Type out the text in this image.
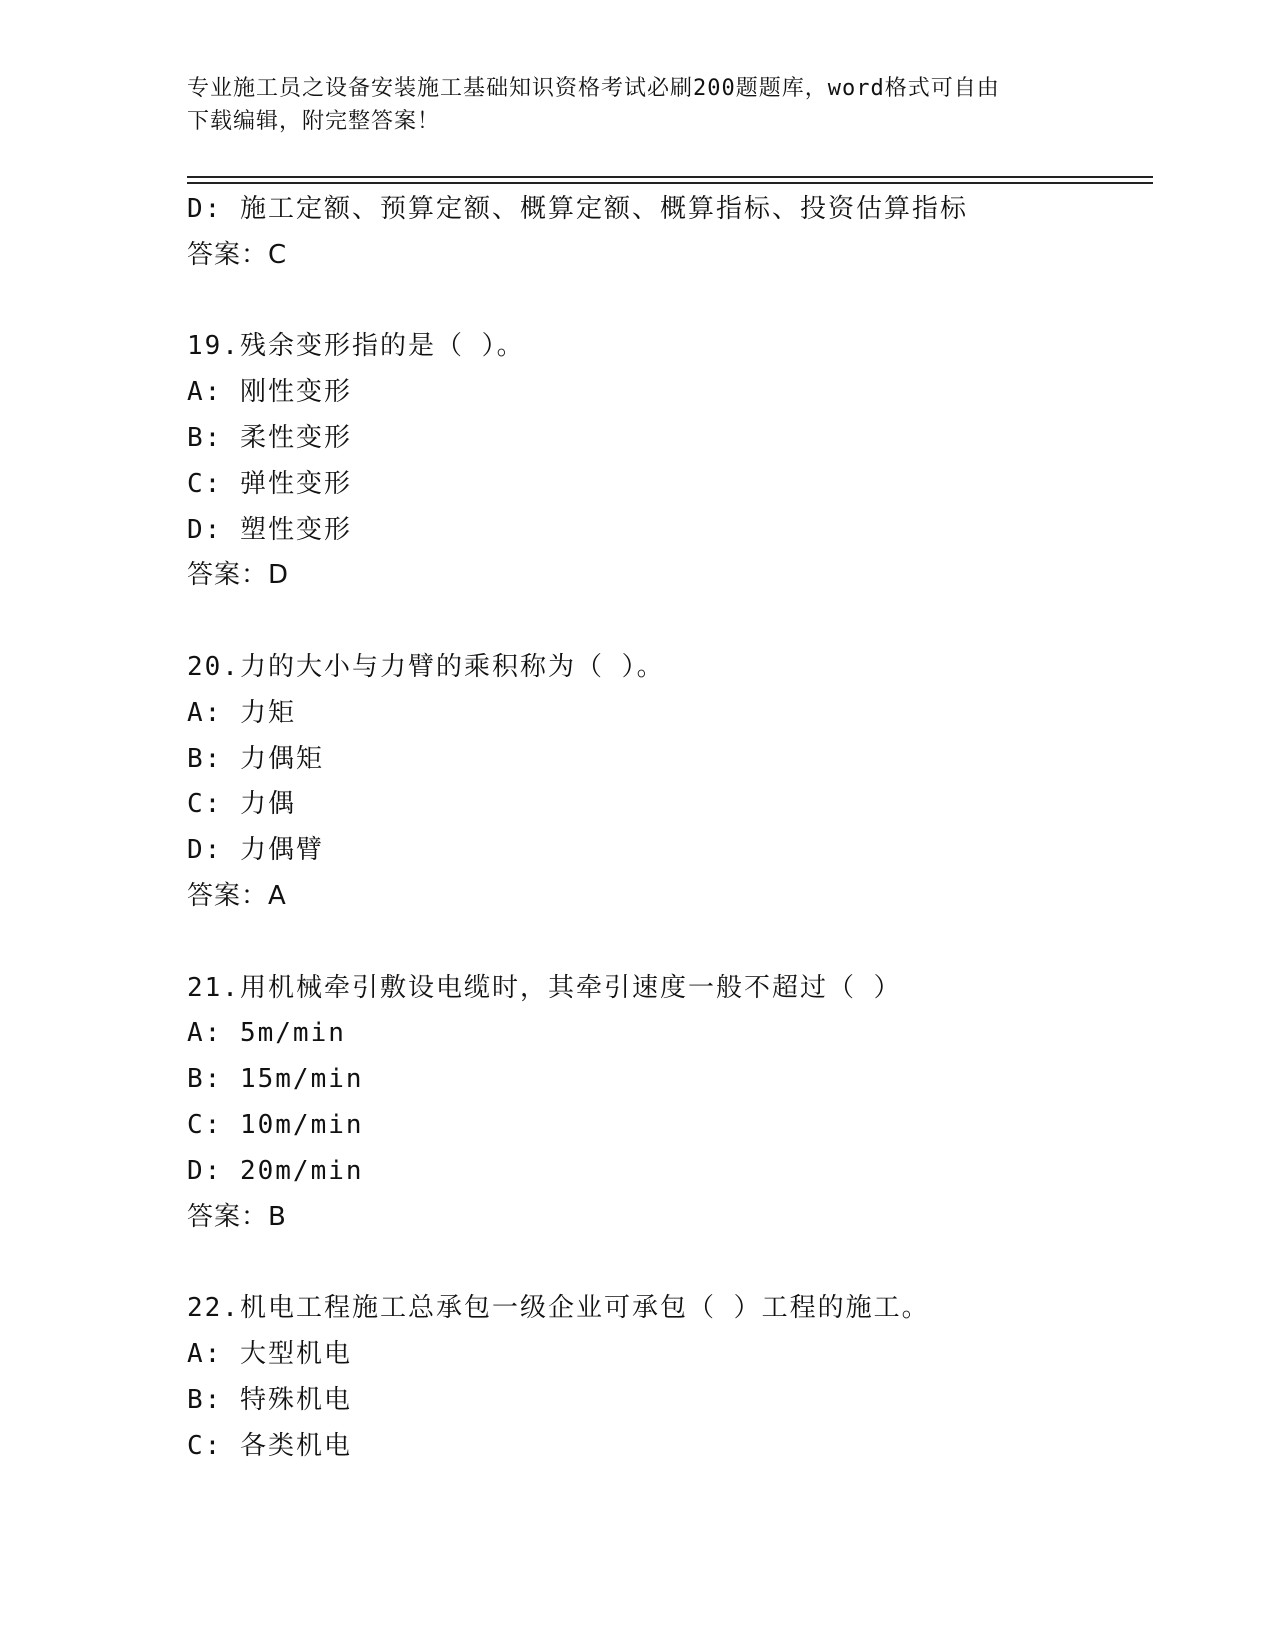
专业施工员之设备安装施工基础知识资格考试必刷200题题库，word格式可自由
下载编辑，附完整答案！
D: 施工定额、预算定额、概算定额、概算指标、投资估算指标
答案：C
19.残余变形指的是（ ）。
A: 刚性变形
B: 柔性变形
C: 弹性变形
D: 塑性变形
答案：D
20.力的大小与力臂的乘积称为（ ）。
A: 力矩
B: 力偶矩
C: 力偶
D: 力偶臂
答案：A
21.用机械牵引敷设电缆时，其牵引速度一般不超过（ ）
A: 5m/min
B: 15m/min
C: 10m/min
D: 20m/min
答案：B
22.机电工程施工总承包一级企业可承包（ ）工程的施工。
A: 大型机电
B: 特殊机电
C: 各类机电
